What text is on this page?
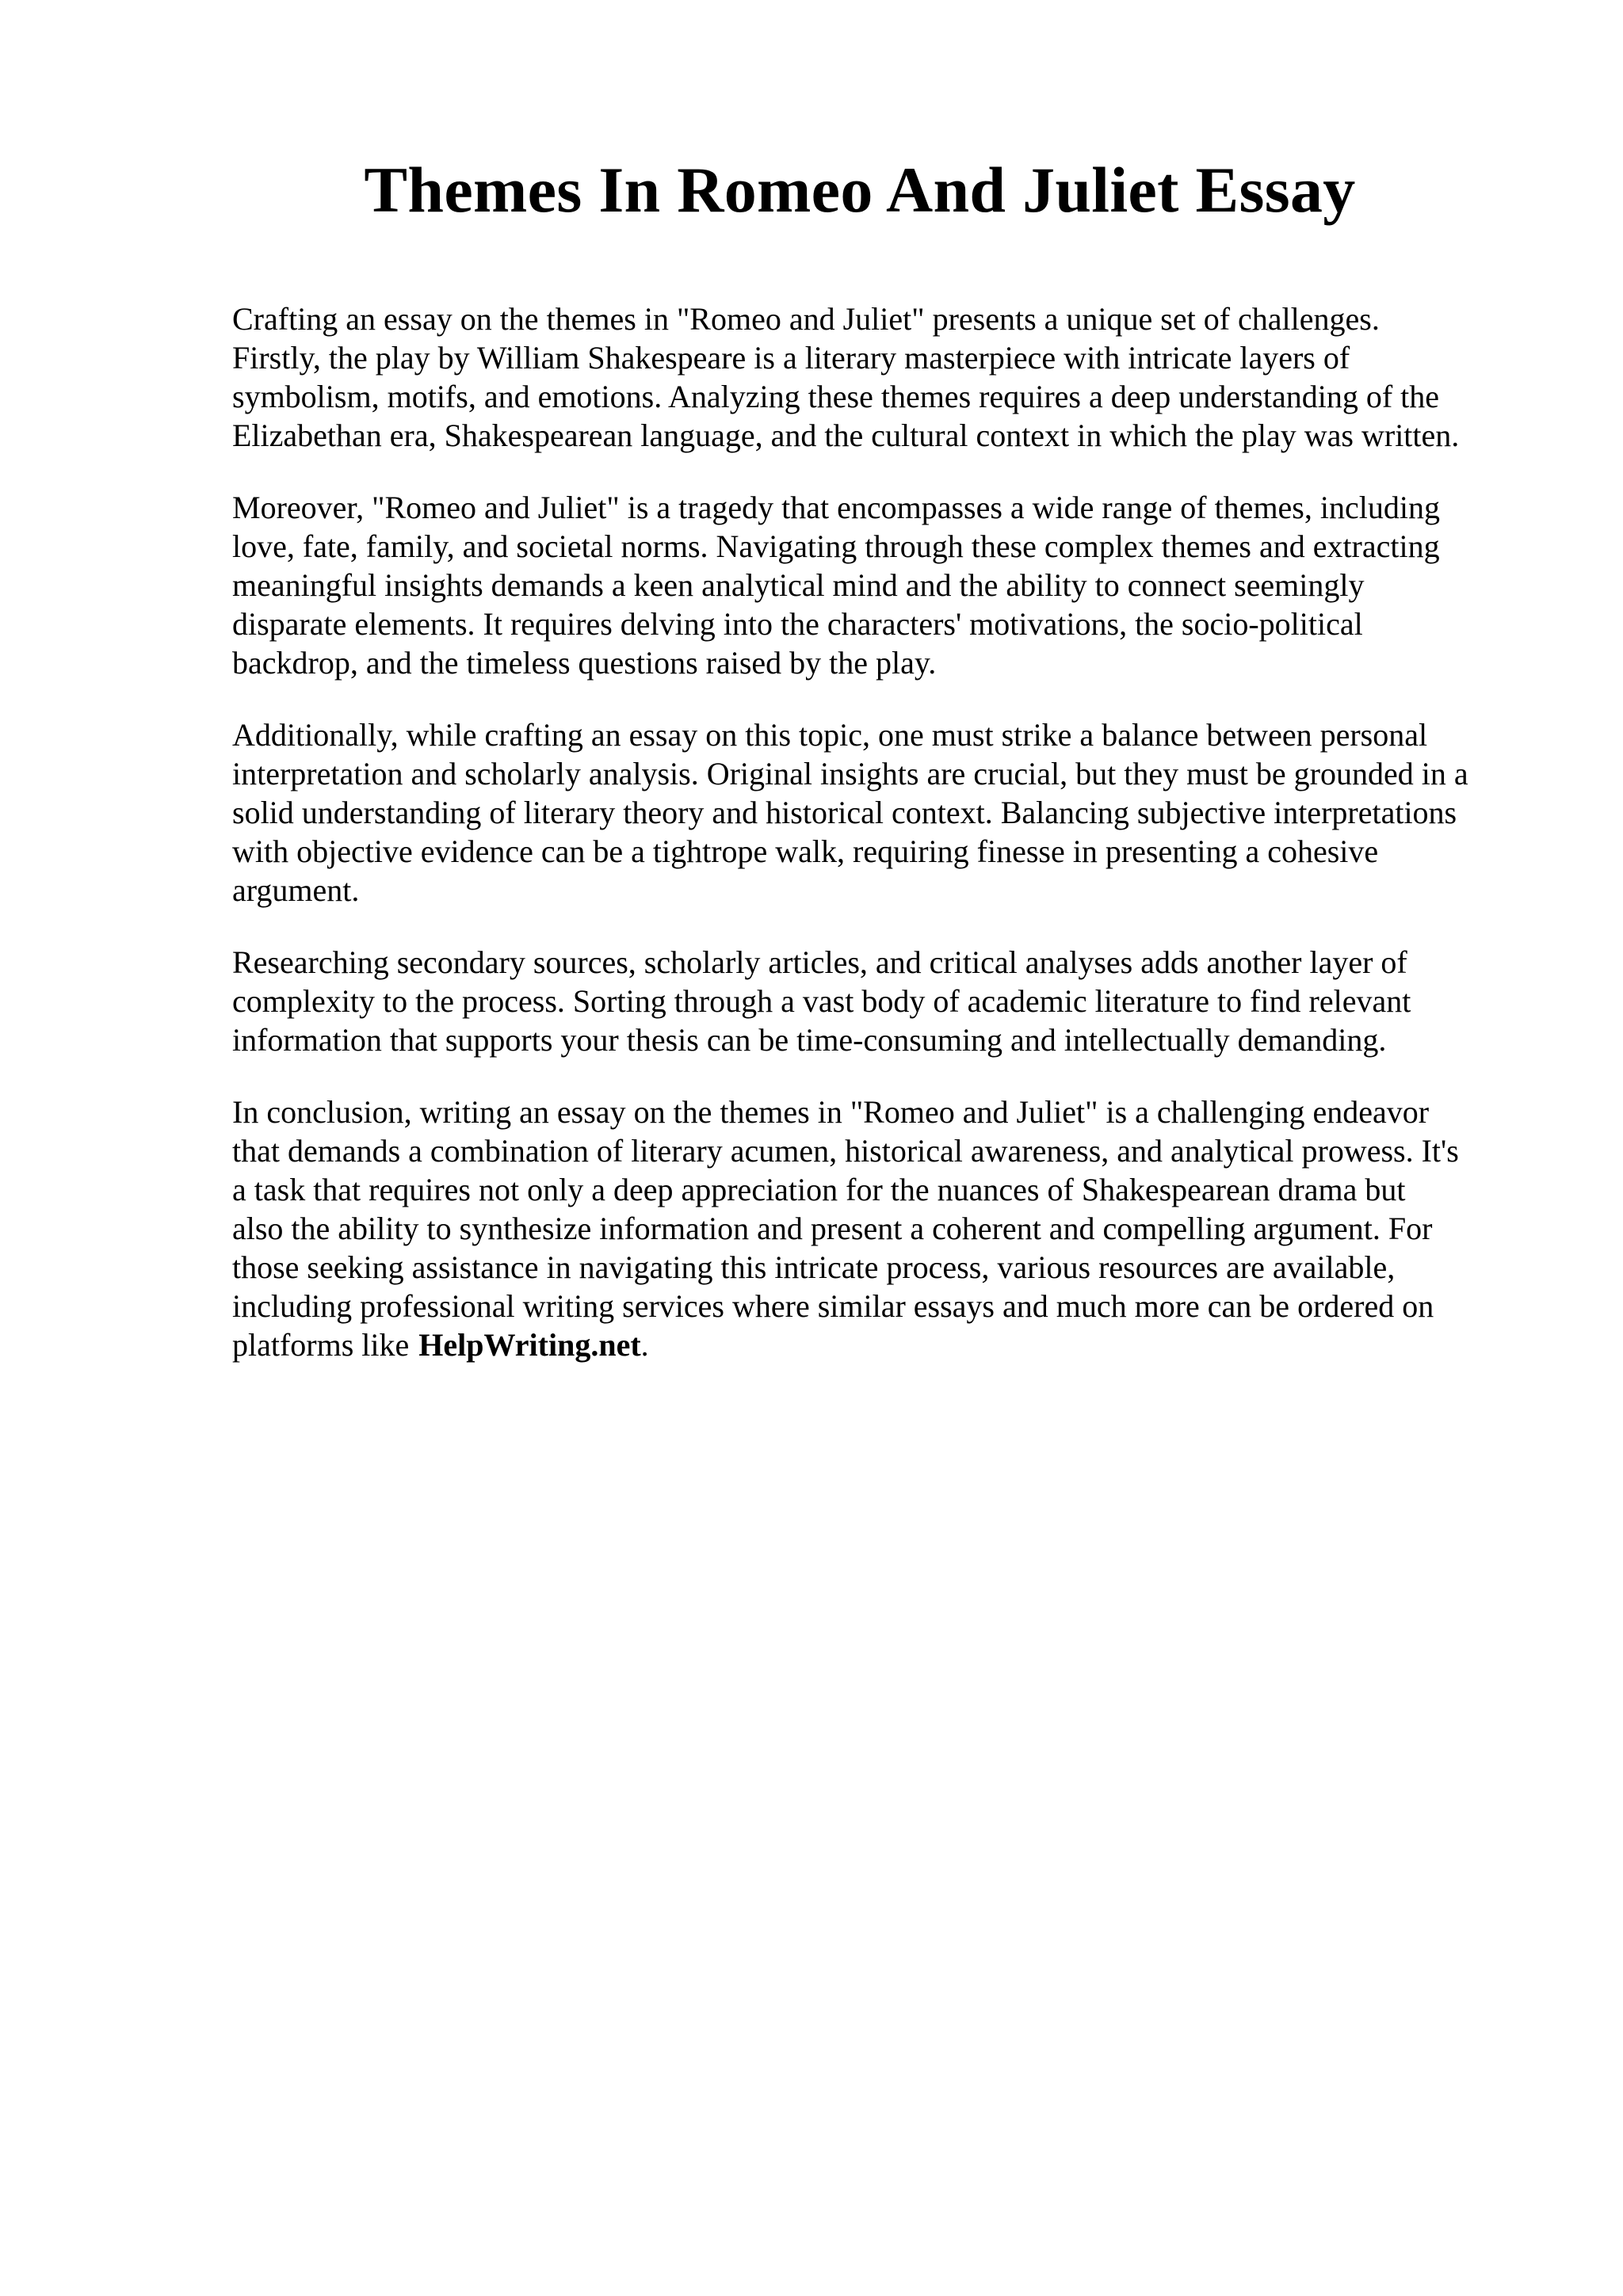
Themes In Romeo And Juliet Essay

Crafting an essay on the themes in "Romeo and Juliet" presents a unique set of challenges.
Firstly, the play by William Shakespeare is a literary masterpiece with intricate layers of
symbolism, motifs, and emotions. Analyzing these themes requires a deep understanding of the
Elizabethan era, Shakespearean language, and the cultural context in which the play was written.

Moreover, "Romeo and Juliet" is a tragedy that encompasses a wide range of themes, including
love, fate, family, and societal norms. Navigating through these complex themes and extracting
meaningful insights demands a keen analytical mind and the ability to connect seemingly
disparate elements. It requires delving into the characters' motivations, the socio-political
backdrop, and the timeless questions raised by the play.

Additionally, while crafting an essay on this topic, one must strike a balance between personal
interpretation and scholarly analysis. Original insights are crucial, but they must be grounded in a
solid understanding of literary theory and historical context. Balancing subjective interpretations
with objective evidence can be a tightrope walk, requiring finesse in presenting a cohesive
argument.

Researching secondary sources, scholarly articles, and critical analyses adds another layer of
complexity to the process. Sorting through a vast body of academic literature to find relevant
information that supports your thesis can be time-consuming and intellectually demanding.

In conclusion, writing an essay on the themes in "Romeo and Juliet" is a challenging endeavor
that demands a combination of literary acumen, historical awareness, and analytical prowess. It's
a task that requires not only a deep appreciation for the nuances of Shakespearean drama but
also the ability to synthesize information and present a coherent and compelling argument. For
those seeking assistance in navigating this intricate process, various resources are available,
including professional writing services where similar essays and much more can be ordered on
platforms like HelpWriting.net.
